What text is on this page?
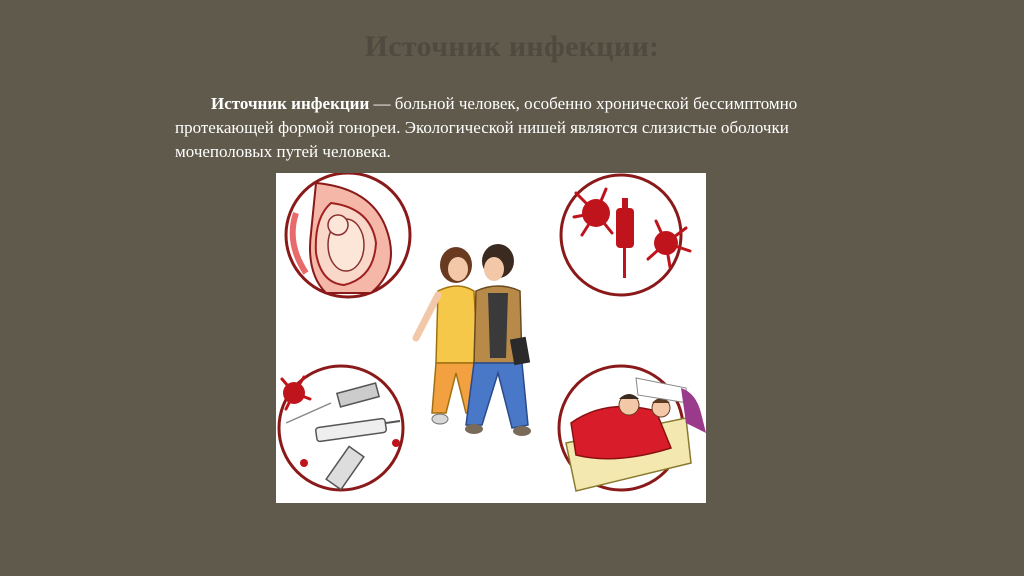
Источник инфекции:
Источник инфекции — больной человек, особенно хронической бессимптомно протекающей формой гонореи. Экологической нишей являются слизистые оболочки мочеполовых путей человека.
